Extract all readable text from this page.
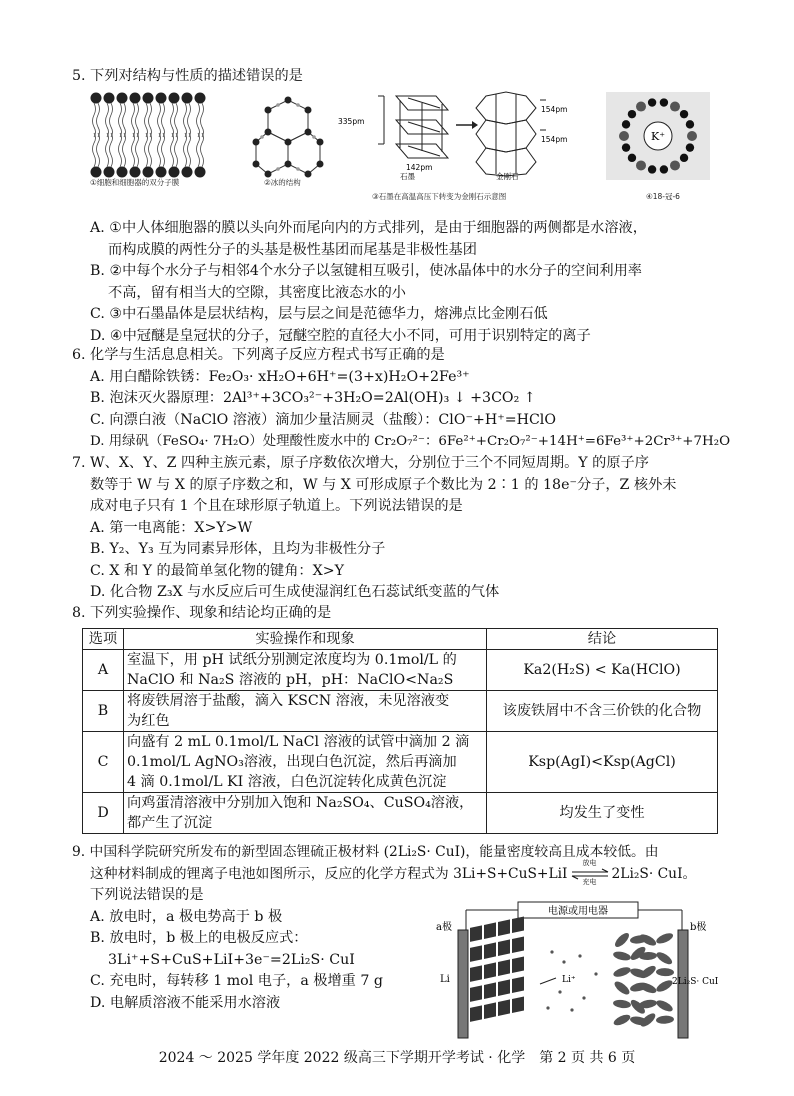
5. 下列对结构与性质的描述错误的是
①细胞和细胞器的双分子膜	②冰的结构
335pm
142pm
154pm
154pm
石墨	金刚石
③石墨在高温高压下转变为金刚石示意图
K⁺
④18-冠-6
A. ①中人体细胞器的膜以头向外而尾向内的方式排列，是由于细胞器的两侧都是水溶液，
而构成膜的两性分子的头基是极性基团而尾基是非极性基团
B. ②中每个水分子与相邻4个水分子以氢键相互吸引，使冰晶体中的水分子的空间利用率
不高，留有相当大的空隙，其密度比液态水的小
C. ③中石墨晶体是层状结构，层与层之间是范德华力，熔沸点比金刚石低
D. ④中冠醚是皇冠状的分子，冠醚空腔的直径大小不同，可用于识别特定的离子
6. 化学与生活息息相关。下列离子反应方程式书写正确的是
A. 用白醋除铁锈：Fe₂O₃· xH₂O+6H⁺=(3+x)H₂O+2Fe³⁺
B. 泡沫灭火器原理：2Al³⁺+3CO₃²⁻+3H₂O=2Al(OH)₃ ↓ +3CO₂ ↑
C. 向漂白液（NaClO 溶液）滴加少量洁厕灵（盐酸）：ClO⁻+H⁺=HClO
D. 用绿矾（FeSO₄· 7H₂O）处理酸性废水中的 Cr₂O₇²⁻：6Fe²⁺+Cr₂O₇²⁻+14H⁺=6Fe³⁺+2Cr³⁺+7H₂O
7. W、X、Y、Z 四种主族元素，原子序数依次增大，分别位于三个不同短周期。Y 的原子序
数等于 W 与 X 的原子序数之和，W 与 X 可形成原子个数比为 2∶1 的 18e⁻分子，Z 核外未
成对电子只有 1 个且在球形原子轨道上。下列说法错误的是
A. 第一电离能：X>Y>W
B. Y₂、Y₃ 互为同素异形体，且均为非极性分子
C. X 和 Y 的最简单氢化物的键角：X>Y
D. 化合物 Z₃X 与水反应后可生成使湿润红色石蕊试纸变蓝的气体
8. 下列实验操作、现象和结论均正确的是
选项	实验操作和现象	结论
A	室温下，用 pH 试纸分别测定浓度均为 0.1mol/L 的
NaClO 和 Na₂S 溶液的 pH，pH：NaClO<Na₂S	Ka2(H₂S) < Ka(HClO)
B	将废铁屑溶于盐酸，滴入 KSCN 溶液，未见溶液变
为红色	该废铁屑中不含三价铁的化合物
C	向盛有 2 mL 0.1mol/L NaCl 溶液的试管中滴加 2 滴
0.1mol/L AgNO₃溶液，出现白色沉淀，然后再滴加
4 滴 0.1mol/L KI 溶液，白色沉淀转化成黄色沉淀	Ksp(AgI)<Ksp(AgCl)
D	向鸡蛋清溶液中分别加入饱和 Na₂SO₄、CuSO₄溶液，
都产生了沉淀	均发生了变性
9. 中国科学院研究所发布的新型固态锂硫正极材料 (2Li₂S· CuI)，能量密度较高且成本较低。由
这种材料制成的锂离子电池如图所示，反应的化学方程式为 3Li+S+CuS+LiI
放电
充电
2Li₂S· CuI。
下列说法错误的是
A. 放电时，a 极电势高于 b 极
B. 放电时，b 极上的电极反应式：
3Li⁺+S+CuS+LiI+3e⁻=2Li₂S· CuI
C. 充电时，每转移 1 mol 电子，a 极增重 7 g
D. 电解质溶液不能采用水溶液
电源或用电器
a极	b极
Li	2Li₂S· CuI
Li⁺
2024 ～ 2025 学年度 2022 级高三下学期开学考试 · 化学　第 2 页 共 6 页
